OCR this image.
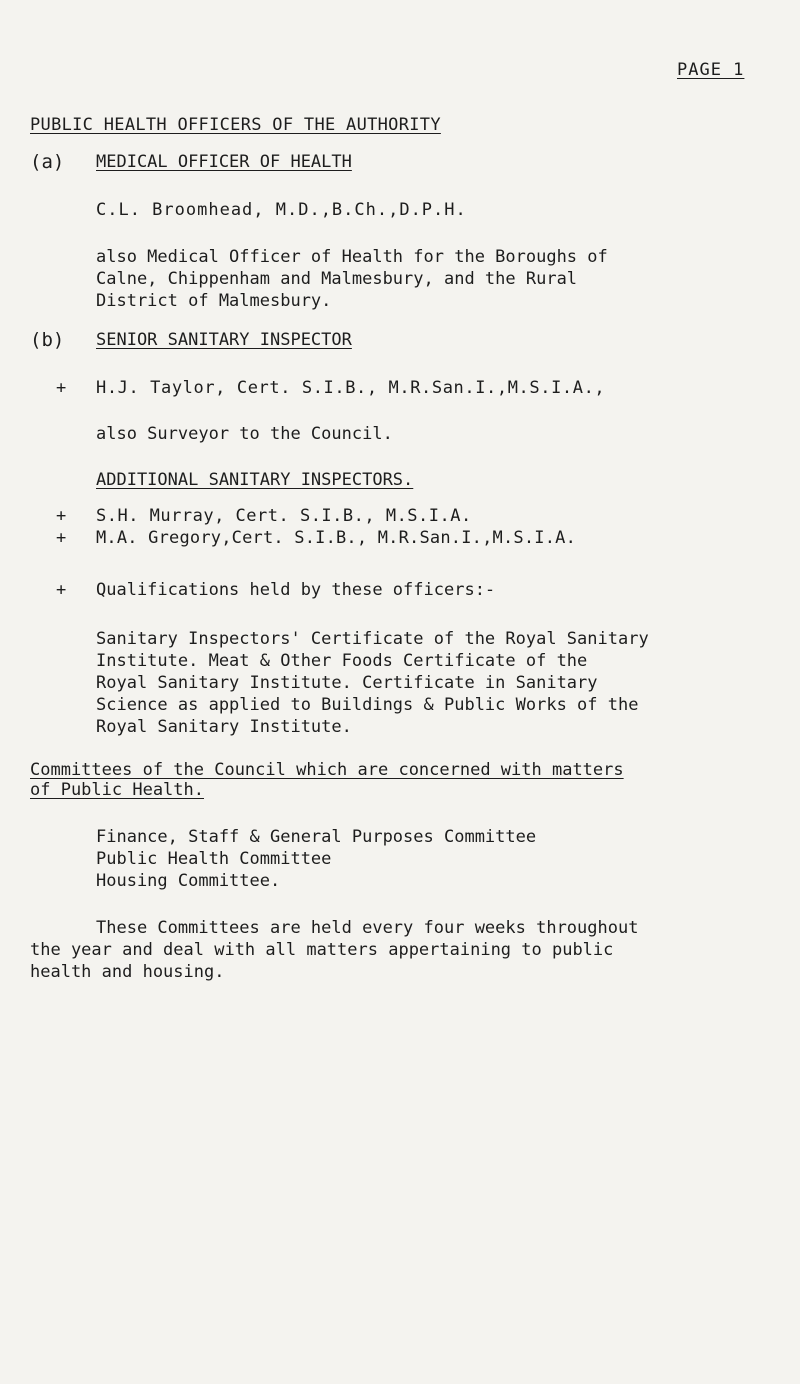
PAGE 1
PUBLIC HEALTH OFFICERS OF THE AUTHORITY
(a) MEDICAL OFFICER OF HEALTH
C.L. Broomhead, M.D.,B.Ch.,D.P.H.
also Medical Officer of Health for the Boroughs of
Calne, Chippenham and Malmesbury, and the Rural
District of Malmesbury.
(b) SENIOR SANITARY INSPECTOR
+ H.J. Taylor, Cert. S.I.B., M.R.San.I.,M.S.I.A.,
also Surveyor to the Council.
ADDITIONAL SANITARY INSPECTORS.
+ S.H. Murray, Cert. S.I.B., M.S.I.A.
+ M.A. Gregory,Cert. S.I.B., M.R.San.I.,M.S.I.A.
+ Qualifications held by these officers:-
Sanitary Inspectors' Certificate of the Royal Sanitary
Institute. Meat & Other Foods Certificate of the
Royal Sanitary Institute. Certificate in Sanitary
Science as applied to Buildings & Public Works of the
Royal Sanitary Institute.
Committees of the Council which are concerned with matters
of Public Health.
Finance, Staff & General Purposes Committee
Public Health Committee
Housing Committee.
These Committees are held every four weeks throughout
the year and deal with all matters appertaining to public
health and housing.
